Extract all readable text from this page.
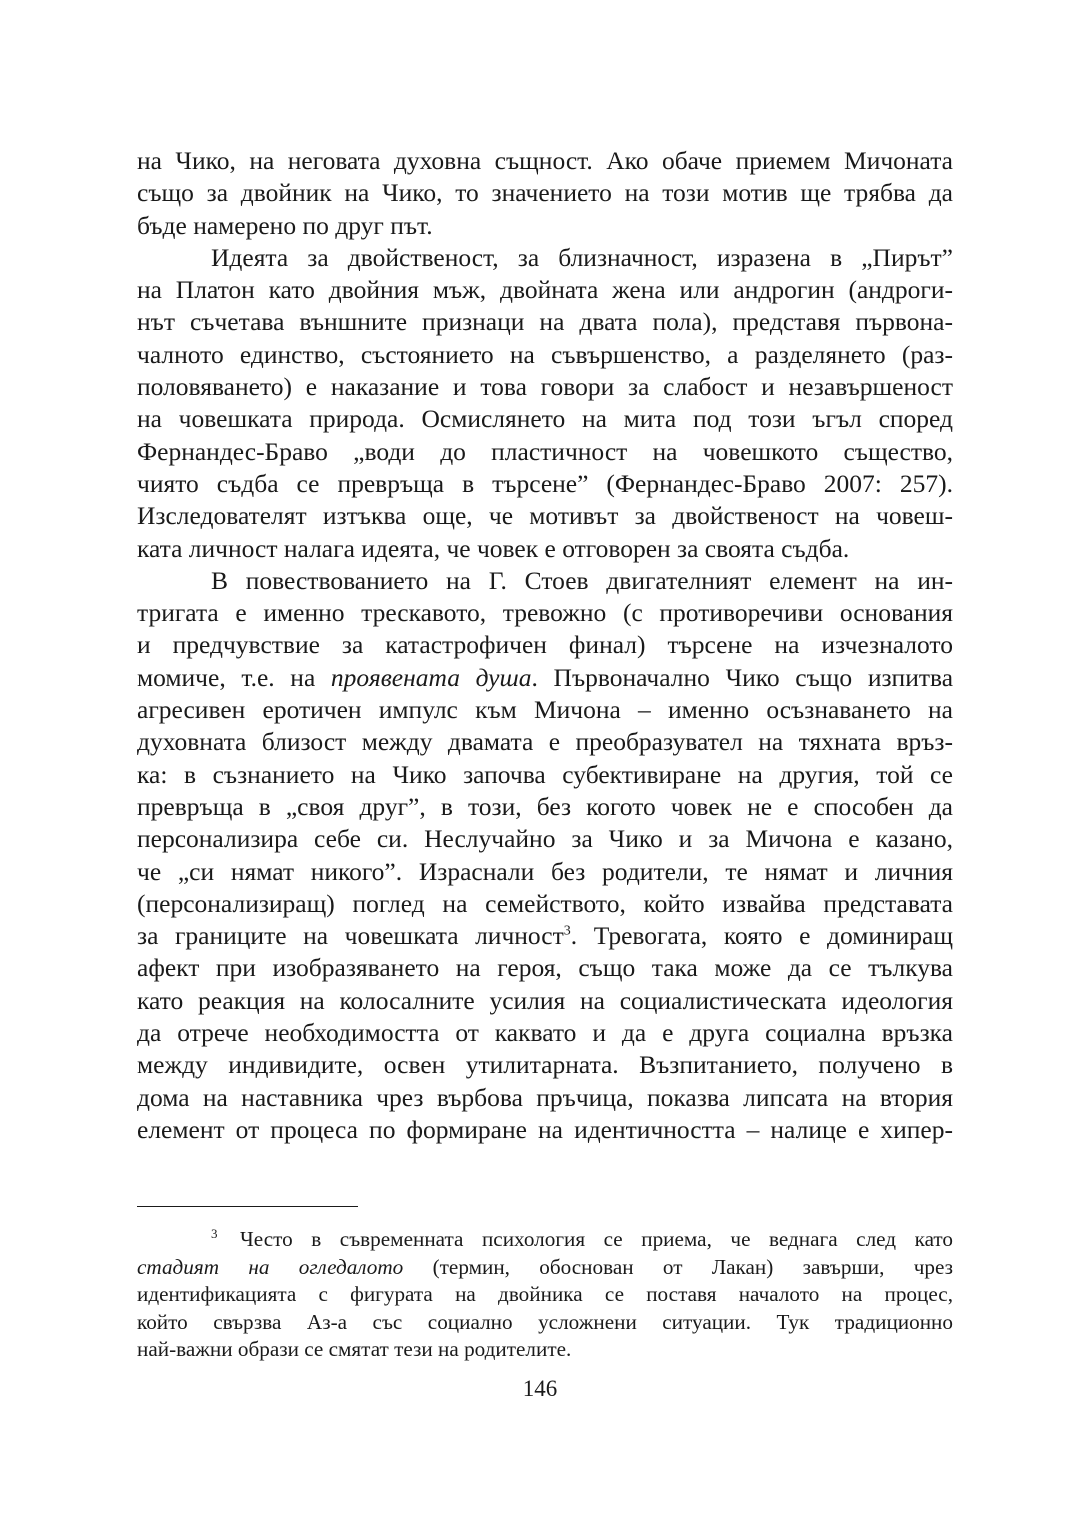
на Чико, на неговата духовна същност. Ако обаче приемем Мичоната
също за двойник на Чико, то значението на този мотив ще трябва да
бъде намерено по друг път.
Идеята за двойственост, за близначност, изразена в „Пирът”
на Платон като двойния мъж, двойната жена или андрогин (андроги-
нът съчетава външните признаци на двата пола), представя първона-
чалното единство, състоянието на съвършенство, а разделянето (раз-
половяването) е наказание и това говори за слабост и незавършеност
на човешката природа. Осмислянето на мита под този ъгъл според
Фернандес-Браво „води до пластичност на човешкото същество,
чиято съдба се превръща в търсене” (Фернандес-Браво 2007: 257).
Изследователят изтъква още, че мотивът за двойственост на човеш-
ката личност налага идеята, че човек е отговорен за своята съдба.
В повествованието на Г. Стоев двигателният елемент на ин-
тригата е именно трескавото, тревожно (с противоречиви основания
и предчувствие за катастрофичен финал) търсене на изчезналото
момиче, т.е. на проявената душа. Първоначално Чико също изпитва
агресивен еротичен импулс към Мичона – именно осъзнаването на
духовната близост между двамата е преобразувател на тяхната връз-
ка: в съзнанието на Чико започва субективиране на другия, той се
превръща в „своя друг”, в този, без когото човек не е способен да
персонализира себе си. Неслучайно за Чико и за Мичона е казано,
че „си нямат никого”. Израснали без родители, те нямат и личния
(персонализиращ) поглед на семейството, който извайва представата
за границите на човешката личност$^3$. Тревогата, която е доминиращ
афект при изобразяването на героя, също така може да се тълкува
като реакция на колосалните усилия на социалистическата идеология
да отрече необходимостта от каквато и да е друга социална връзка
между индивидите, освен утилитарната. Възпитанието, получено в
дома на наставника чрез върбова пръчица, показва липсата на втория
елемент от процеса по формиране на идентичността – налице е хипер-
$^3$ Често в съвременната психология се приема, че веднага след като
стадият на огледалото (термин, обоснован от Лакан) завърши, чрез
идентификацията с фигурата на двойника се поставя началото на процес,
който свързва Аз-а със социално усложнени ситуации. Тук традиционно
най-важни образи се смятат тези на родителите.
146
